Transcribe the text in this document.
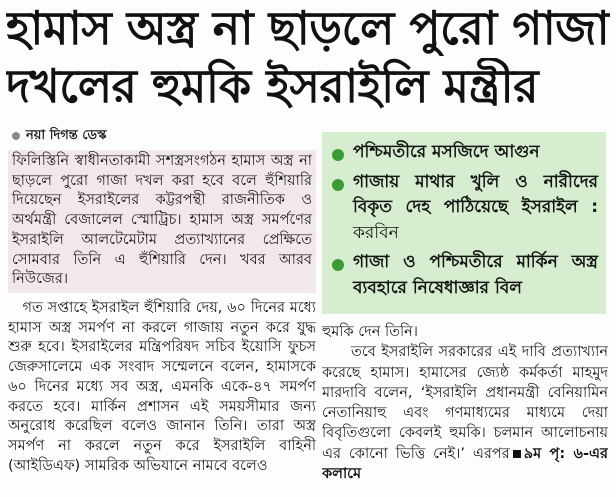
হামাস অস্ত্র না ছাড়লে পুরো গাজা
দখলের হুমকি ইসরাইলি মন্ত্রীর
নয়া দিগন্ত ডেস্ক
পশ্চিমতীরে মসজিদে আগুন
গাজায় মাথার খুলি ও নারীদের বিকৃত দেহ পাঠিয়েছে ইসরাইল : করবিন
গাজা ও পশ্চিমতীরে মার্কিন অস্ত্র ব্যবহারে নিষেধাজ্ঞার বিল

ফিলিস্তিনি স্বাধীনতাকামী সশস্ত্রসংগঠন হামাস অস্ত্র না ছাড়লে পুরো গাজা দখল করা হবে বলে হুঁশিয়ারি দিয়েছেন ইসরাইলের কট্টরপন্থী রাজনীতিক ও অর্থমন্ত্রী বেজালেল স্মোট্রিচ। হামাস অস্ত্র সমর্পণের ইসরাইলি আলটেমেটাম প্রত্যাখ্যানের প্রেক্ষিতে সোমবার তিনি এ হুঁশিয়ারি দেন। খবর আরব নিউজের।

গত সপ্তাহে ইসরাইল হুঁশিয়ারি দেয়, ৬০ দিনের মধ্যে হামাস অস্ত্র সমর্পণ না করলে গাজায় নতুন করে যুদ্ধ শুরু হবে। ইসরাইলের মন্ত্রিপরিষদ সচিব ইয়োসি ফুচস জেরুসালেমে এক সংবাদ সম্মেলনে বলেন, হামাসকে ৬০ দিনের মধ্যে সব অস্ত্র, এমনকি একে-৪৭ সমর্পণ করতে হবে। মার্কিন প্রশাসন এই সময়সীমার জন্য অনুরোধ করেছিল বলেও জানান তিনি। তারা অস্ত্র সমর্পণ না করলে নতুন করে ইসরাইলি বাহিনী (আইডিএফ) সামরিক অভিযানে নামবে বলেও

হুমকি দেন তিনি।

তবে ইসরাইলি সরকারের এই দাবি প্রত্যাখ্যান করেছে হামাস। হামাসের জ্যেষ্ঠ কর্মকর্তা মাহমুদ মারদাবি বলেন, ‘ইসরাইলি প্রধানমন্ত্রী বেনিয়ামিন নেতানিয়াহু এবং গণমাধ্যমের মাধ্যমে দেয়া বিবৃতিগুলো কেবলই হুমকি। চলমান আলোচনায় এর কোনো ভিত্তি নেই।’ এরপর ৯ম পৃ: ৬-এর কলামে
